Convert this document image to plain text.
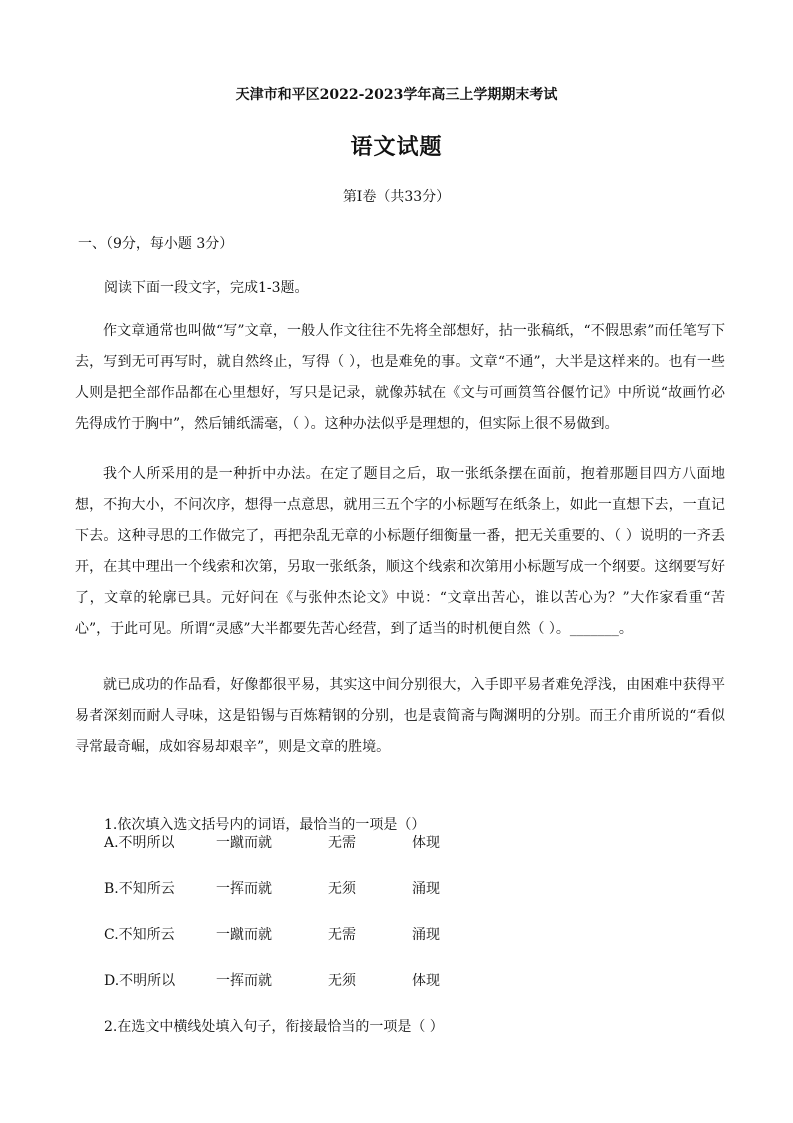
天津市和平区2022-2023学年高三上学期期末考试
语文试题
第I卷（共33分）
一、（9分，每小题 3分）
阅读下面一段文字，完成1-3题。

作文章通常也叫做“写”文章，一般人作文往往不先将全部想好，拈一张稿纸，“不假思索”而任笔写下去，写到无可再写时，就自然终止，写得（ ），也是难免的事。文章“不通”，大半是这样来的。也有一些人则是把全部作品都在心里想好，写只是记录，就像苏轼在《文与可画筼筜谷偃竹记》中所说“故画竹必先得成竹于胸中”，然后铺纸濡毫，（ ）。这种办法似乎是理想的，但实际上很不易做到。

我个人所采用的是一种折中办法。在定了题目之后，取一张纸条摆在面前，抱着那题目四方八面地想，不拘大小，不问次序，想得一点意思，就用三五个字的小标题写在纸条上，如此一直想下去，一直记下去。这种寻思的工作做完了，再把杂乱无章的小标题仔细衡量一番，把无关重要的、（ ）说明的一齐丢开，在其中理出一个线索和次第，另取一张纸条，顺这个线索和次第用小标题写成一个纲要。这纲要写好了，文章的轮廓已具。元好问在《与张仲杰论文》中说：“文章出苦心，谁以苦心为？”大作家看重“苦心”，于此可见。所谓“灵感”大半都要先苦心经营，到了适当的时机便自然（ ）。_______。

就已成功的作品看，好像都很平易，其实这中间分别很大，入手即平易者难免浮浅，由困难中获得平易者深刻而耐人寻味，这是铅锡与百炼精钢的分别，也是袁简斋与陶渊明的分别。而王介甫所说的“看似寻常最奇崛，成如容易却艰辛”，则是文章的胜境。

1.依次填入选文括号内的词语，最恰当的一项是（）
A.不明所以	一蹴而就	无需	体现
B.不知所云	一挥而就	无须	涌现
C.不知所云	一蹴而就	无需	涌现
D.不明所以	一挥而就	无须	体现
2.在选文中横线处填入句子，衔接最恰当的一项是（ ）
